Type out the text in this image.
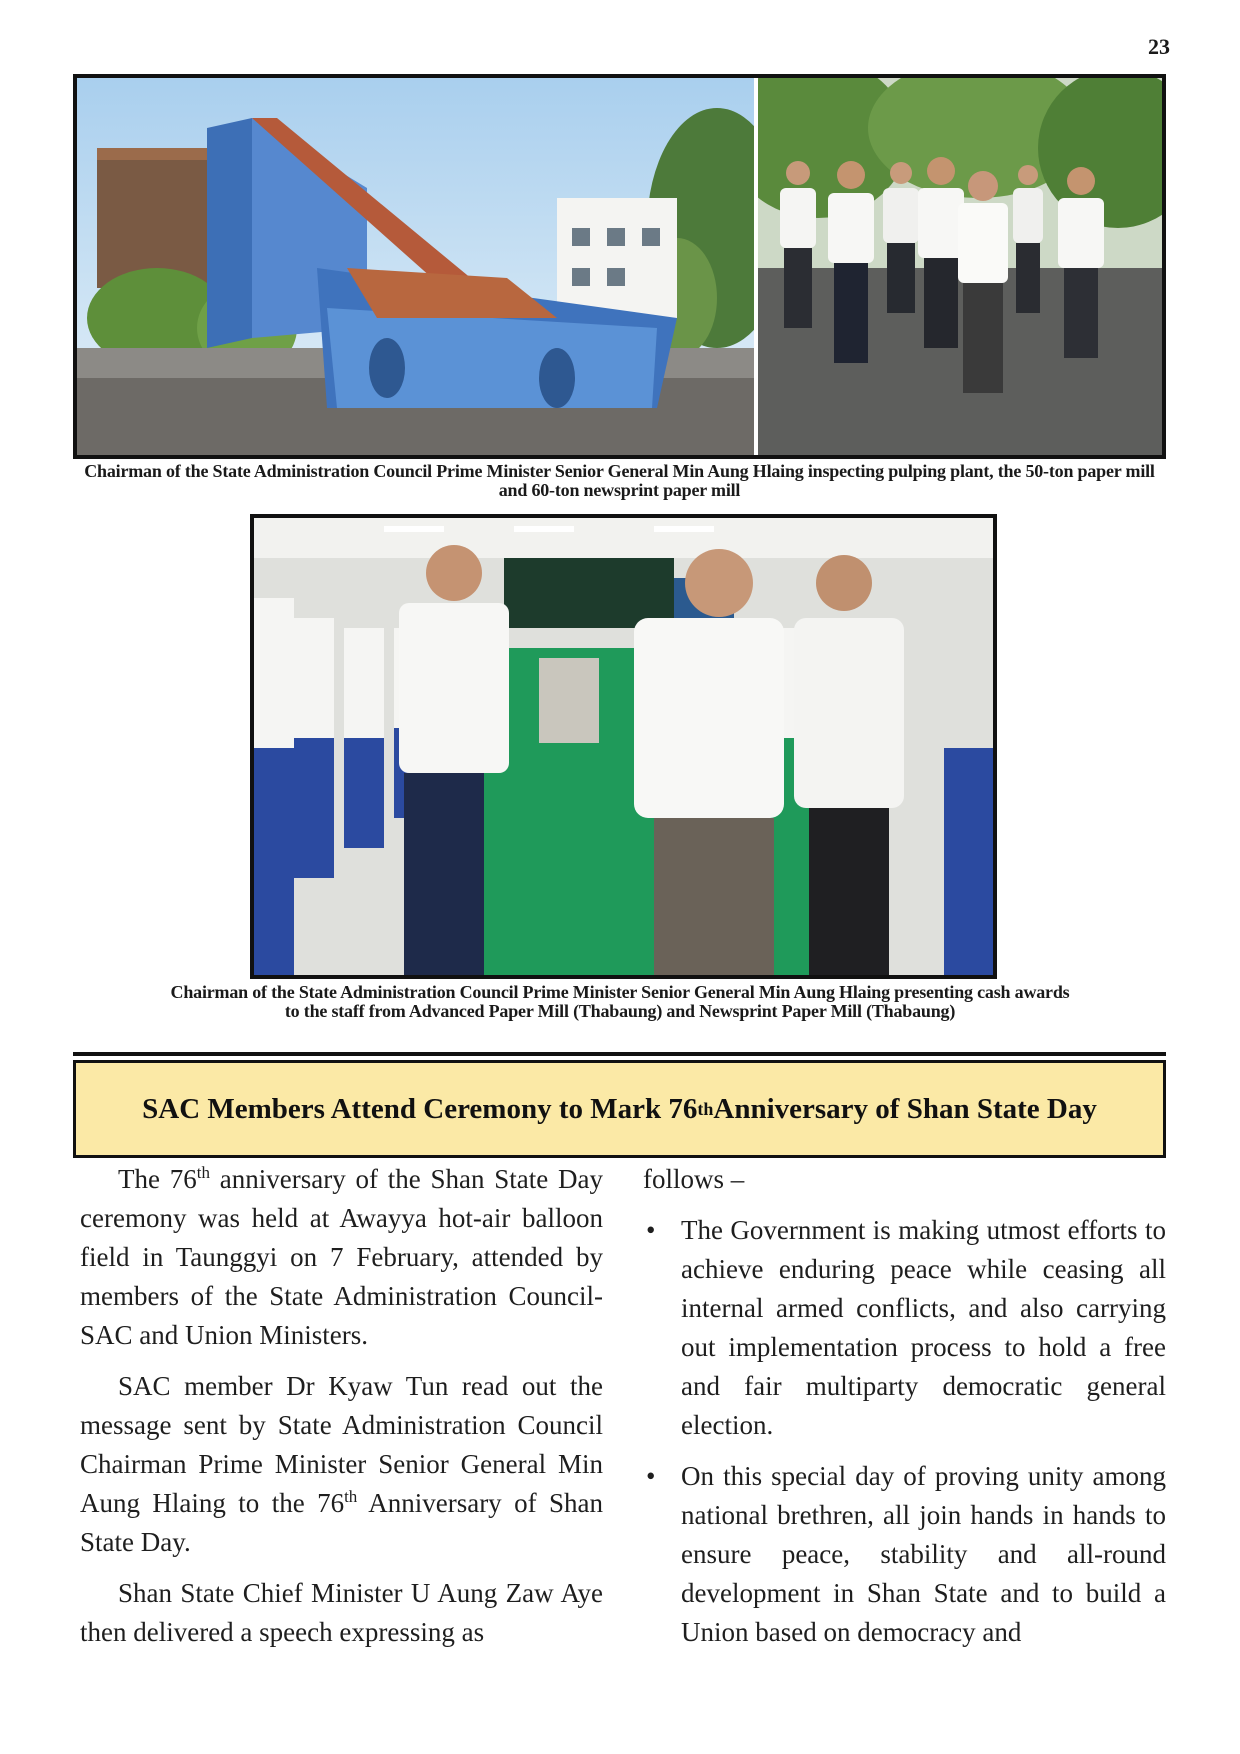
23
Chairman of the State Administration Council Prime Minister Senior General Min Aung Hlaing inspecting pulping plant, the 50-ton paper mill and 60-ton newsprint paper mill
Chairman of the State Administration Council Prime Minister Senior General Min Aung Hlaing presenting cash awards to the staff from Advanced Paper Mill (Thabaung) and Newsprint Paper Mill (Thabaung)
SAC Members Attend Ceremony to Mark 76 th Anniversary of Shan State Day

The 76th anniversary of the Shan State Day ceremony was held at Awayya hot-air balloon field in Taunggyi on 7 February, attended by members of the State Administration Council-SAC and Union Ministers.

SAC member Dr Kyaw Tun read out the message sent by State Administration Council Chairman Prime Minister Senior General Min Aung Hlaing to the 76th Anniversary of Shan State Day.

Shan State Chief Minister U Aung Zaw Aye then delivered a speech expressing as

follows –

• The Government is making utmost efforts to achieve enduring peace while ceasing all internal armed conflicts, and also carrying out implementation process to hold a free and fair multiparty democratic general election.
• On this special day of proving unity among national brethren, all join hands in hands to ensure peace, stability and all-round development in Shan State and to build a Union based on democracy and
